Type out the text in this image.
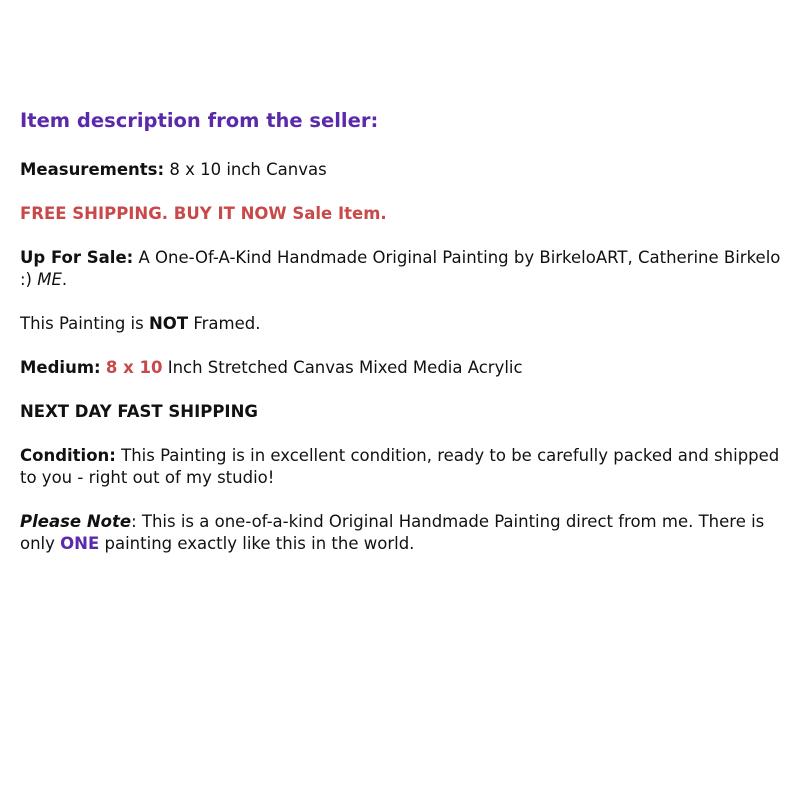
Item description from the seller:
Measurements: 8 x 10 inch Canvas
FREE SHIPPING. BUY IT NOW Sale Item.
Up For Sale: A One-Of-A-Kind Handmade Original Painting by BirkeloART, Catherine Birkelo :) ME.
This Painting is NOT Framed.
Medium: 8 x 10 Inch Stretched Canvas Mixed Media Acrylic
NEXT DAY FAST SHIPPING
Condition: This Painting is in excellent condition, ready to be carefully packed and shipped to you - right out of my studio!
Please Note: This is a one-of-a-kind Original Handmade Painting direct from me. There is only ONE painting exactly like this in the world.
